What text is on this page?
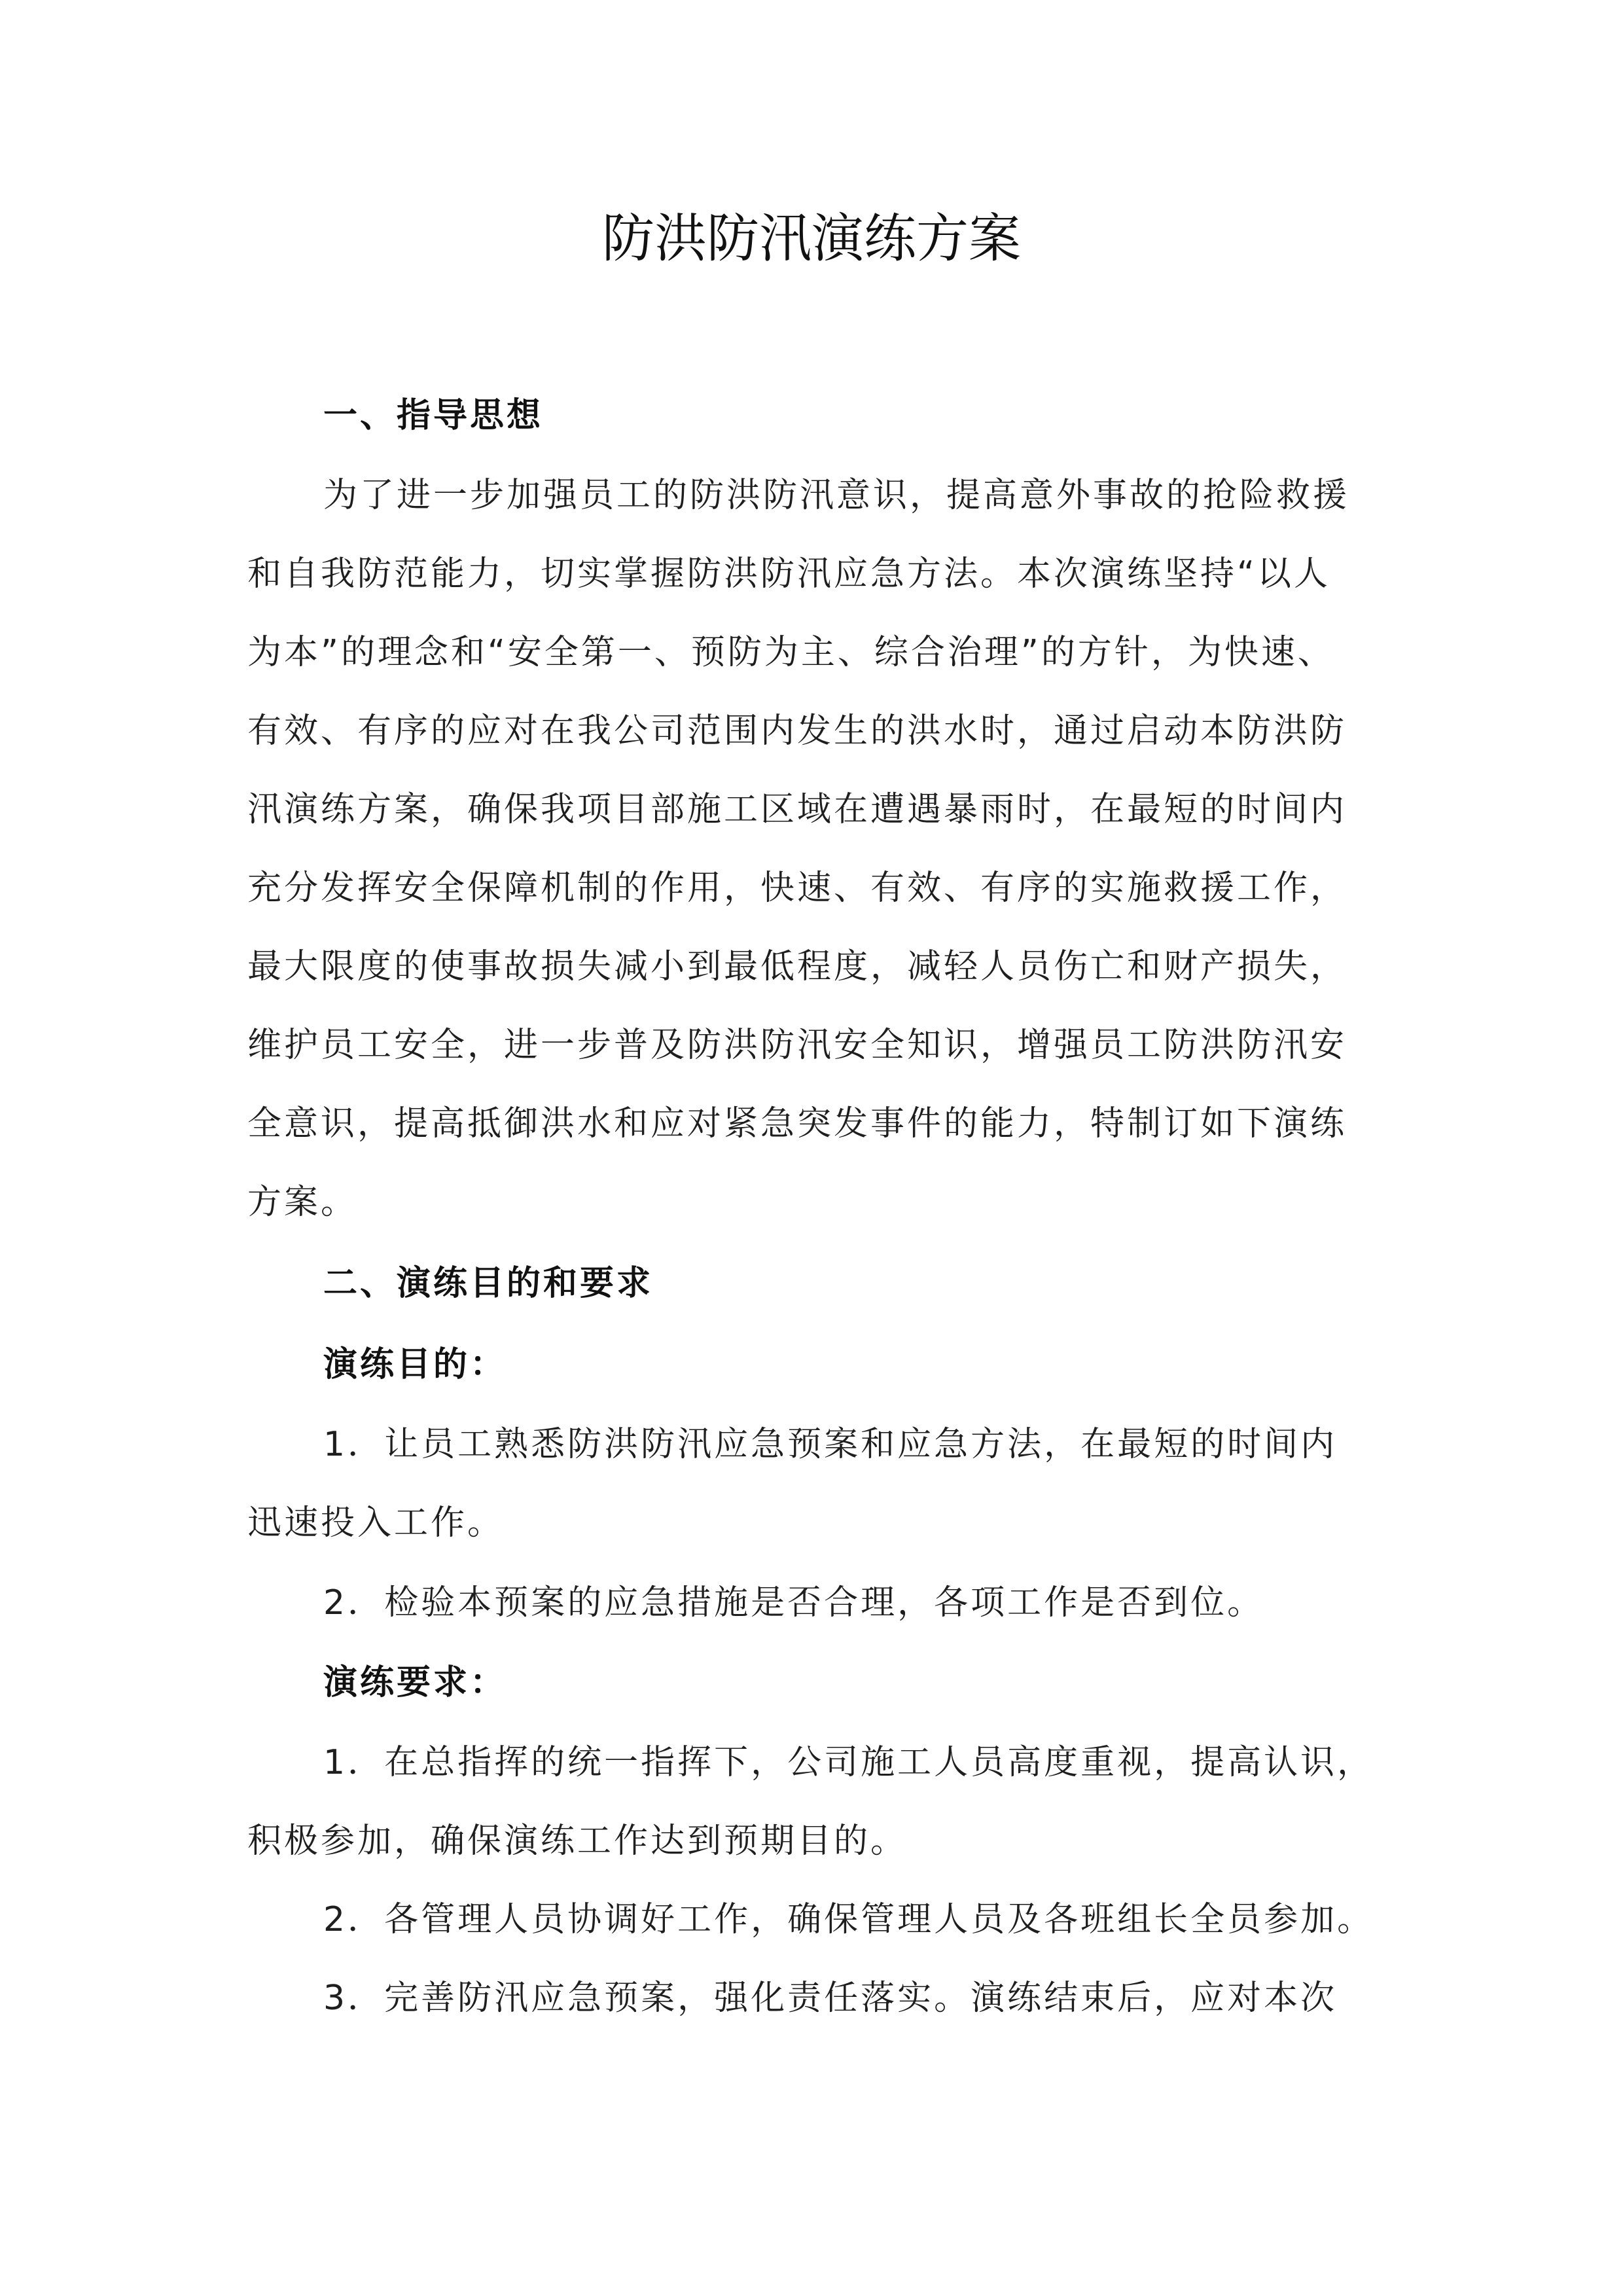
防洪防汛演练方案
一、指导思想
为了进一步加强员工的防洪防汛意识，提高意外事故的抢险救援
和自我防范能力，切实掌握防洪防汛应急方法。本次演练坚持“以人
为本”的理念和“安全第一、预防为主、综合治理”的方针，为快速、
有效、有序的应对在我公司范围内发生的洪水时，通过启动本防洪防
汛演练方案，确保我项目部施工区域在遭遇暴雨时，在最短的时间内
充分发挥安全保障机制的作用，快速、有效、有序的实施救援工作，
最大限度的使事故损失减小到最低程度，减轻人员伤亡和财产损失，
维护员工安全，进一步普及防洪防汛安全知识，增强员工防洪防汛安
全意识，提高抵御洪水和应对紧急突发事件的能力，特制订如下演练
方案。
二、演练目的和要求
演练目的：
1．让员工熟悉防洪防汛应急预案和应急方法，在最短的时间内
迅速投入工作。
2．检验本预案的应急措施是否合理，各项工作是否到位。
演练要求：
1．在总指挥的统一指挥下，公司施工人员高度重视，提高认识，
积极参加，确保演练工作达到预期目的。
2．各管理人员协调好工作，确保管理人员及各班组长全员参加。
3．完善防汛应急预案，强化责任落实。演练结束后，应对本次
